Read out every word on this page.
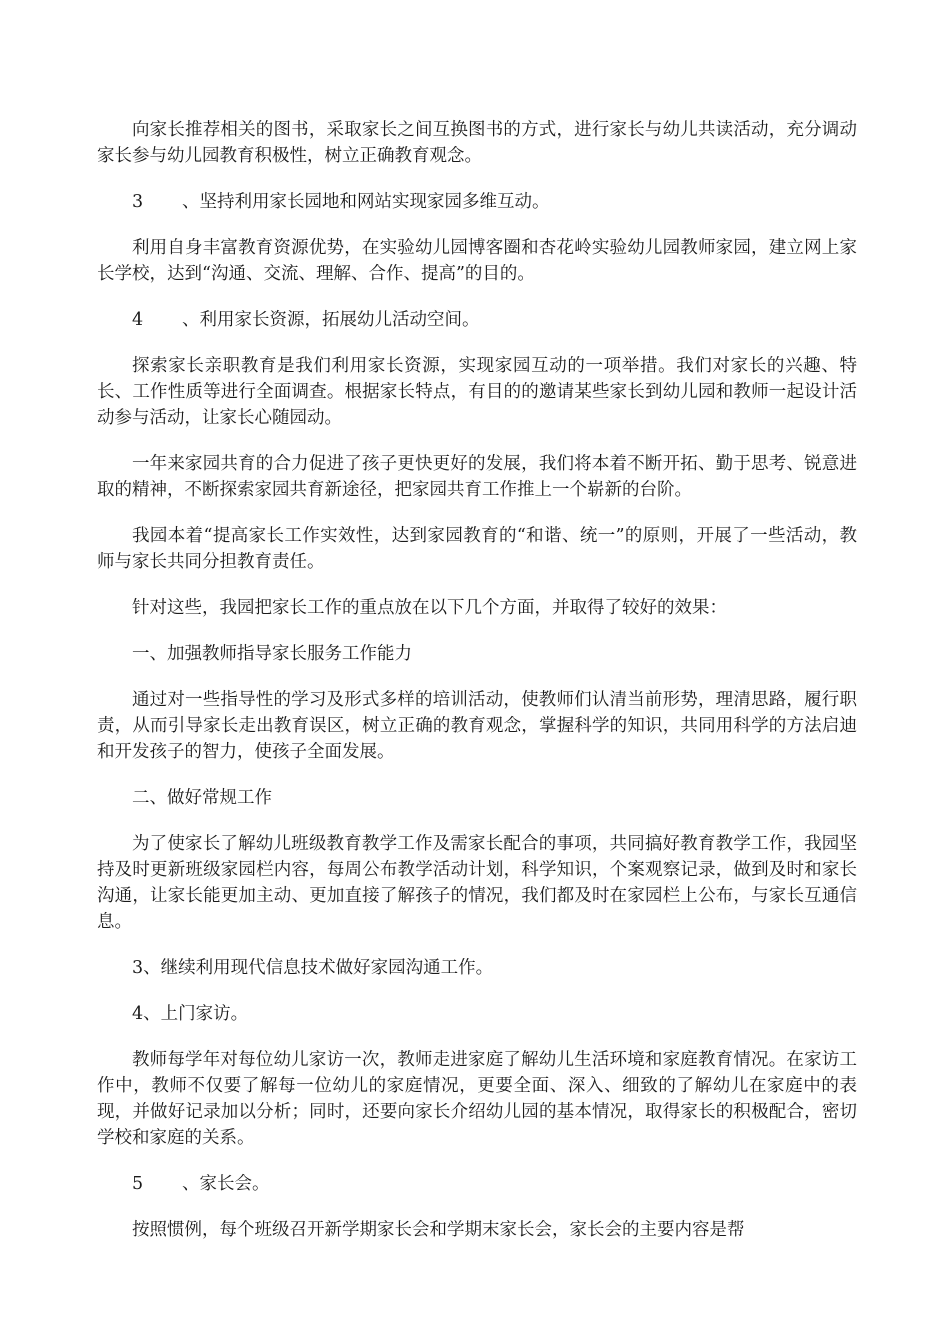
向家长推荐相关的图书，采取家长之间互换图书的方式，进行家长与幼儿共读活动，充分调动家长参与幼儿园教育积极性，树立正确教育观念。

3 、坚持利用家长园地和网站实现家园多维互动。

利用自身丰富教育资源优势，在实验幼儿园博客圈和杏花岭实验幼儿园教师家园，建立网上家长学校，达到“沟通、交流、理解、合作、提高”的目的。

4 、利用家长资源，拓展幼儿活动空间。

探索家长亲职教育是我们利用家长资源，实现家园互动的一项举措。我们对家长的兴趣、特长、工作性质等进行全面调查。根据家长特点，有目的的邀请某些家长到幼儿园和教师一起设计活动参与活动，让家长心随园动。

一年来家园共育的合力促进了孩子更快更好的发展，我们将本着不断开拓、勤于思考、锐意进取的精神，不断探索家园共育新途径，把家园共育工作推上一个崭新的台阶。

我园本着“提高家长工作实效性，达到家园教育的“和谐、统一”的原则，开展了一些活动，教师与家长共同分担教育责任。

针对这些，我园把家长工作的重点放在以下几个方面，并取得了较好的效果：

一、加强教师指导家长服务工作能力

通过对一些指导性的学习及形式多样的培训活动，使教师们认清当前形势，理清思路，履行职责，从而引导家长走出教育误区，树立正确的教育观念，掌握科学的知识，共同用科学的方法启迪和开发孩子的智力，使孩子全面发展。

二、做好常规工作

为了使家长了解幼儿班级教育教学工作及需家长配合的事项，共同搞好教育教学工作，我园坚持及时更新班级家园栏内容，每周公布教学活动计划，科学知识，个案观察记录，做到及时和家长沟通，让家长能更加主动、更加直接了解孩子的情况，我们都及时在家园栏上公布，与家长互通信息。

3、继续利用现代信息技术做好家园沟通工作。

4、上门家访。

教师每学年对每位幼儿家访一次，教师走进家庭了解幼儿生活环境和家庭教育情况。在家访工作中，教师不仅要了解每一位幼儿的家庭情况，更要全面、深入、细致的了解幼儿在家庭中的表现，并做好记录加以分析；同时，还要向家长介绍幼儿园的基本情况，取得家长的积极配合，密切学校和家庭的关系。

5 、家长会。

按照惯例，每个班级召开新学期家长会和学期末家长会，家长会的主要内容是帮
